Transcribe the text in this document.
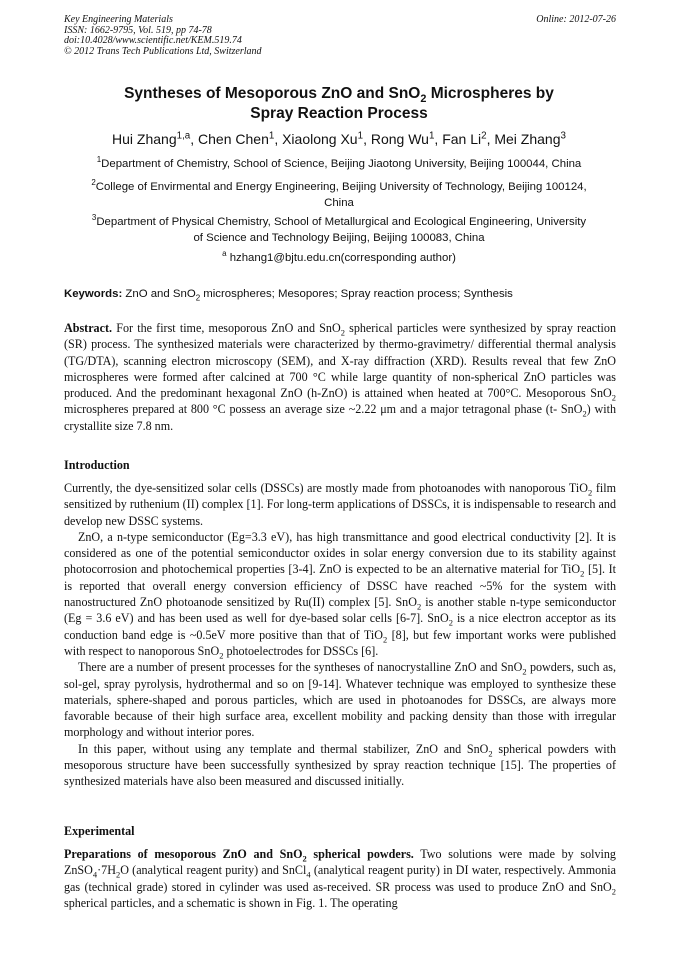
Key Engineering Materials
ISSN: 1662-9795, Vol. 519, pp 74-78
doi:10.4028/www.scientific.net/KEM.519.74
© 2012 Trans Tech Publications Ltd, Switzerland
Online: 2012-07-26
Syntheses of Mesoporous ZnO and SnO$_2$ Microspheres by
Spray Reaction Process
Hui Zhang$^{1,a}$, Chen Chen$^1$, Xiaolong Xu$^1$, Rong Wu$^1$, Fan Li$^2$, Mei Zhang$^3$
$^1$Department of Chemistry, School of Science, Beijing Jiaotong University, Beijing 100044, China
$^2$College of Envirmental and Energy Engineering, Beijing University of Technology, Beijing 100124,
China
$^3$Department of Physical Chemistry, School of Metallurgical and Ecological Engineering, University
of Science and Technology Beijing, Beijing 100083, China
$^a$ hzhang1@bjtu.edu.cn(corresponding author)
Keywords: ZnO and SnO$_2$ microspheres; Mesopores; Spray reaction process; Synthesis

Abstract. For the first time, mesoporous ZnO and SnO$_2$ spherical particles were synthesized by spray reaction (SR) process. The synthesized materials were characterized by thermo-gravimetry/ differential thermal analysis (TG/DTA), scanning electron microscopy (SEM), and X-ray diffraction (XRD). Results reveal that few ZnO microspheres were formed after calcined at 700 °C while large quantity of non-spherical ZnO particles was produced. And the predominant hexagonal ZnO (h-ZnO) is attained when heated at 700°C. Mesoporous SnO$_2$ microspheres prepared at 800 °C possess an average size ~2.22 μm and a major tetragonal phase (t- SnO$_2$) with crystallite size 7.8 nm.

Introduction

Currently, the dye-sensitized solar cells (DSSCs) are mostly made from photoanodes with nanoporous TiO$_2$ film sensitized by ruthenium (II) complex [1]. For long-term applications of DSSCs, it is indispensable to research and develop new DSSC systems.

ZnO, a n-type semiconductor (Eg=3.3 eV), has high transmittance and good electrical conductivity [2]. It is considered as one of the potential semiconductor oxides in solar energy conversion due to its stability against photocorrosion and photochemical properties [3-4]. ZnO is expected to be an alternative material for TiO$_2$ [5]. It is reported that overall energy conversion efficiency of DSSC have reached ~5% for the system with nanostructured ZnO photoanode sensitized by Ru(II) complex [5]. SnO$_2$ is another stable n-type semiconductor (Eg = 3.6 eV) and has been used as well for dye-based solar cells [6-7]. SnO$_2$ is a nice electron acceptor as its conduction band edge is ~0.5eV more positive than that of TiO$_2$ [8], but few important works were published with respect to nanoporous SnO$_2$ photoelectrodes for DSSCs [6].

There are a number of present processes for the syntheses of nanocrystalline ZnO and SnO$_2$ powders, such as, sol-gel, spray pyrolysis, hydrothermal and so on [9-14]. Whatever technique was employed to synthesize these materials, sphere-shaped and porous particles, which are used in photoanodes for DSSCs, are always more favorable because of their high surface area, excellent mobility and packing density than those with irregular morphology and without interior pores.

In this paper, without using any template and thermal stabilizer, ZnO and SnO$_2$ spherical powders with mesoporous structure have been successfully synthesized by spray reaction technique [15]. The properties of synthesized materials have also been measured and discussed initially.

Experimental

Preparations of mesoporous ZnO and SnO$_2$ spherical powders. Two solutions were made by solving $ZnSO_4\cdot 7H_2O$ (analytical reagent purity) and SnCl$_4$ (analytical reagent purity) in DI water, respectively. Ammonia gas (technical grade) stored in cylinder was used as-received. SR process was used to produce ZnO and SnO$_2$ spherical particles, and a schematic is shown in Fig. 1. The operating
